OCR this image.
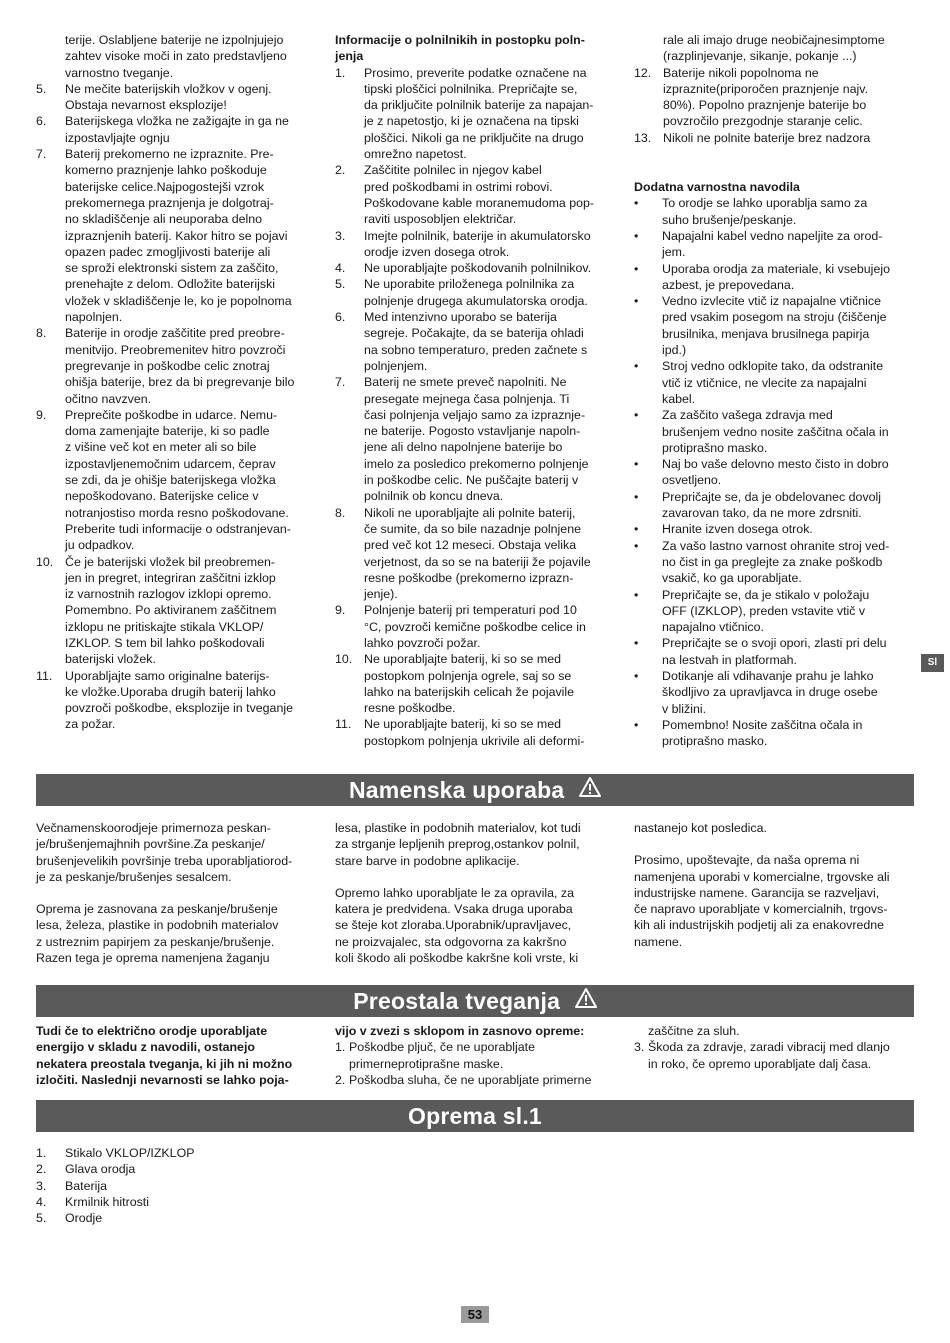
terije. Oslabljene baterije ne izpolnjujejo
zahtev visoke moči in zato predstavljeno
varnostno tveganje.
5. Ne mečite baterijskih vložkov v ogenj.
Obstaja nevarnost eksplozije!
6. Baterijskega vložka ne zažigajte in ga ne
izpostavljajte ognju
7. Baterij prekomerno ne izpraznite. Pre-
komerno praznjenje lahko poškoduje
baterijske celice.Najpogostejši vzrok
prekomernega praznjenja je dolgotraj-
no skladiščenje ali neuporaba delno
izpraznjenih baterij. Kakor hitro se pojavi
opazen padec zmogljivosti baterije ali
se sproži elektronski sistem za zaščito,
prenehajte z delom. Odložite baterijski
vložek v skladiščenje le, ko je popolnoma
napolnjen.
8. Baterije in orodje zaščitite pred preobre-
menitvijo. Preobremenitev hitro povzroči
pregrevanje in poškodbe celic znotraj
ohišja baterije, brez da bi pregrevanje bilo
očitno navzven.
9. Preprečite poškodbe in udarce. Nemu-
doma zamenjajte baterije, ki so padle
z višine več kot en meter ali so bile
izpostavljenemočnim udarcem, čeprav
se zdi, da je ohišje baterijskega vložka
nepoškodovano. Baterijske celice v
notranjostiso morda resno poškodovane.
Preberite tudi informacije o odstranjevan-
ju odpadkov.
10. Če je baterijski vložek bil preobremen-
jen in pregret, integriran zaščitni izklop
iz varnostnih razlogov izklopi opremo.
Pomembno. Po aktiviranem zaščitnem
izklopu ne pritiskajte stikala VKLOP/
IZKLOP. S tem bil lahko poškodovali
baterijski vložek.
11. Uporabljajte samo originalne baterijs-
ke vložke.Uporaba drugih baterij lahko
povzroči poškodbe, eksplozije in tveganje
za požar.
Informacije o polnilnikih in postopku poln-
jenja
1. Prosimo, preverite podatke označene na
tipski ploščici polnilnika. Prepričajte se,
da priključite polnilnik baterije za napajan-
je z napetostjo, ki je označena na tipski
ploščici. Nikoli ga ne priključite na drugo
omrežno napetost.
2. Zaščitite polnilec in njegov kabel
pred poškodbami in ostrimi robovi.
Poškodovane kable moranemudoma pop-
raviti usposobljen električar.
3. Imejte polnilnik, baterije in akumulatorsko
orodje izven dosega otrok.
4. Ne uporabljajte poškodovanih polnilnikov.
5. Ne uporabite priloženega polnilnika za
polnjenje drugega akumulatorska orodja.
6. Med intenzivno uporabo se baterija
segreje. Počakajte, da se baterija ohladi
na sobno temperaturo, preden začnete s
polnjenjem.
7. Baterij ne smete preveč napolniti. Ne
presegate mejnega časa polnjenja. Ti
časi polnjenja veljajo samo za izpraznje-
ne baterije. Pogosto vstavljanje napoln-
jene ali delno napolnjene baterije bo
imelo za posledico prekomerno polnjenje
in poškodbe celic. Ne puščajte baterij v
polnilnik ob koncu dneva.
8. Nikoli ne uporabljajte ali polnite baterij,
če sumite, da so bile nazadnje polnjene
pred več kot 12 meseci. Obstaja velika
verjetnost, da so se na bateriji že pojavile
resne poškodbe (prekomerno izprazn-
jenje).
9. Polnjenje baterij pri temperaturi pod 10
°C, povzroči kemične poškodbe celice in
lahko povzroči požar.
10. Ne uporabljajte baterij, ki so se med
postopkom polnjenja ogrele, saj so se
lahko na baterijskih celicah že pojavile
resne poškodbe.
11. Ne uporabljajte baterij, ki so se med
postopkom polnjenja ukrivile ali deformi-
rale ali imajo druge neobičajnesimptome
(razplinjevanje, sikanje, pokanje ...)
12. Baterije nikoli popolnoma ne
izpraznite(priporočen praznjenje najv.
80%). Popolno praznjenje baterije bo
povzročilo prezgodnje staranje celic.
13. Nikoli ne polnite baterije brez nadzora
Dodatna varnostna navodila
• To orodje se lahko uporablja samo za
suho brušenje/peskanje.
• Napajalni kabel vedno napeljite za orod-
jem.
• Uporaba orodja za materiale, ki vsebujejo
azbest, je prepovedana.
• Vedno izvlecite vtič iz napajalne vtičnice
pred vsakim posegom na stroju (čiščenje
brusilnika, menjava brusilnega papirja
ipd.)
• Stroj vedno odklopite tako, da odstranite
vtič iz vtičnice, ne vlecite za napajalni
kabel.
• Za zaščito vašega zdravja med
brušenjem vedno nosite zaščitna očala in
protiprašno masko.
• Naj bo vaše delovno mesto čisto in dobro
osvetljeno.
• Prepričajte se, da je obdelovanec dovolj
zavarovan tako, da ne more zdrsniti.
• Hranite izven dosega otrok.
• Za vašo lastno varnost ohranite stroj ved-
no čist in ga preglejte za znake poškodb
vsakič, ko ga uporabljate.
• Prepričajte se, da je stikalo v položaju
OFF (IZKLOP), preden vstavite vtič v
napajalno vtičnico.
• Prepričajte se o svoji opori, zlasti pri delu
na lestvah in platformah.
• Dotikanje ali vdihavanje prahu je lahko
škodljivo za upravljavca in druge osebe
v bližini.
• Pomembno! Nosite zaščitna očala in
protiprašno masko.
Sl
Namenska uporaba
Večnamenskoorodjeje primernoza peskan-
je/brušenjemajhnih površine.Za peskanje/
brušenjevelikih površinje treba uporabljatiorod-
je za peskanje/brušenjes sesalcem.
Oprema je zasnovana za peskanje/brušenje
lesa, železa, plastike in podobnih materialov
z ustreznim papirjem za peskanje/brušenje.
Razen tega je oprema namenjena žaganju
lesa, plastike in podobnih materialov, kot tudi
za strganje lepljenih preprog,ostankov polnil,
stare barve in podobne aplikacije.
Opremo lahko uporabljate le za opravila, za
katera je predvidena. Vsaka druga uporaba
se šteje kot zloraba.Uporabnik/upravljavec,
ne proizvajalec, sta odgovorna za kakršno
koli škodo ali poškodbe kakršne koli vrste, ki
nastanejo kot posledica.
Prosimo, upoštevajte, da naša oprema ni
namenjena uporabi v komercialne, trgovske ali
industrijske namene. Garancija se razveljavi,
če napravo uporabljate v komercialnih, trgovs-
kih ali industrijskih podjetij ali za enakovredne
namene.
Preostala tveganja
Tudi če to električno orodje uporabljate
energijo v skladu z navodili, ostanejo
nekatera preostala tveganja, ki jih ni možno
izločiti. Naslednji nevarnosti se lahko poja-
vijo v zvezi s sklopom in zasnovo opreme:
1. Poškodbe pljuč, če ne uporabljate
primerneprotiprašne maske.
2. Poškodba sluha, če ne uporabljate primerne
zaščitne za sluh.
3. Škoda za zdravje, zaradi vibracij med dlanjo
in roko, če opremo uporabljate dalj časa.
Oprema sl.1
1. Stikalo VKLOP/IZKLOP
2. Glava orodja
3. Baterija
4. Krmilnik hitrosti
5. Orodje
53
